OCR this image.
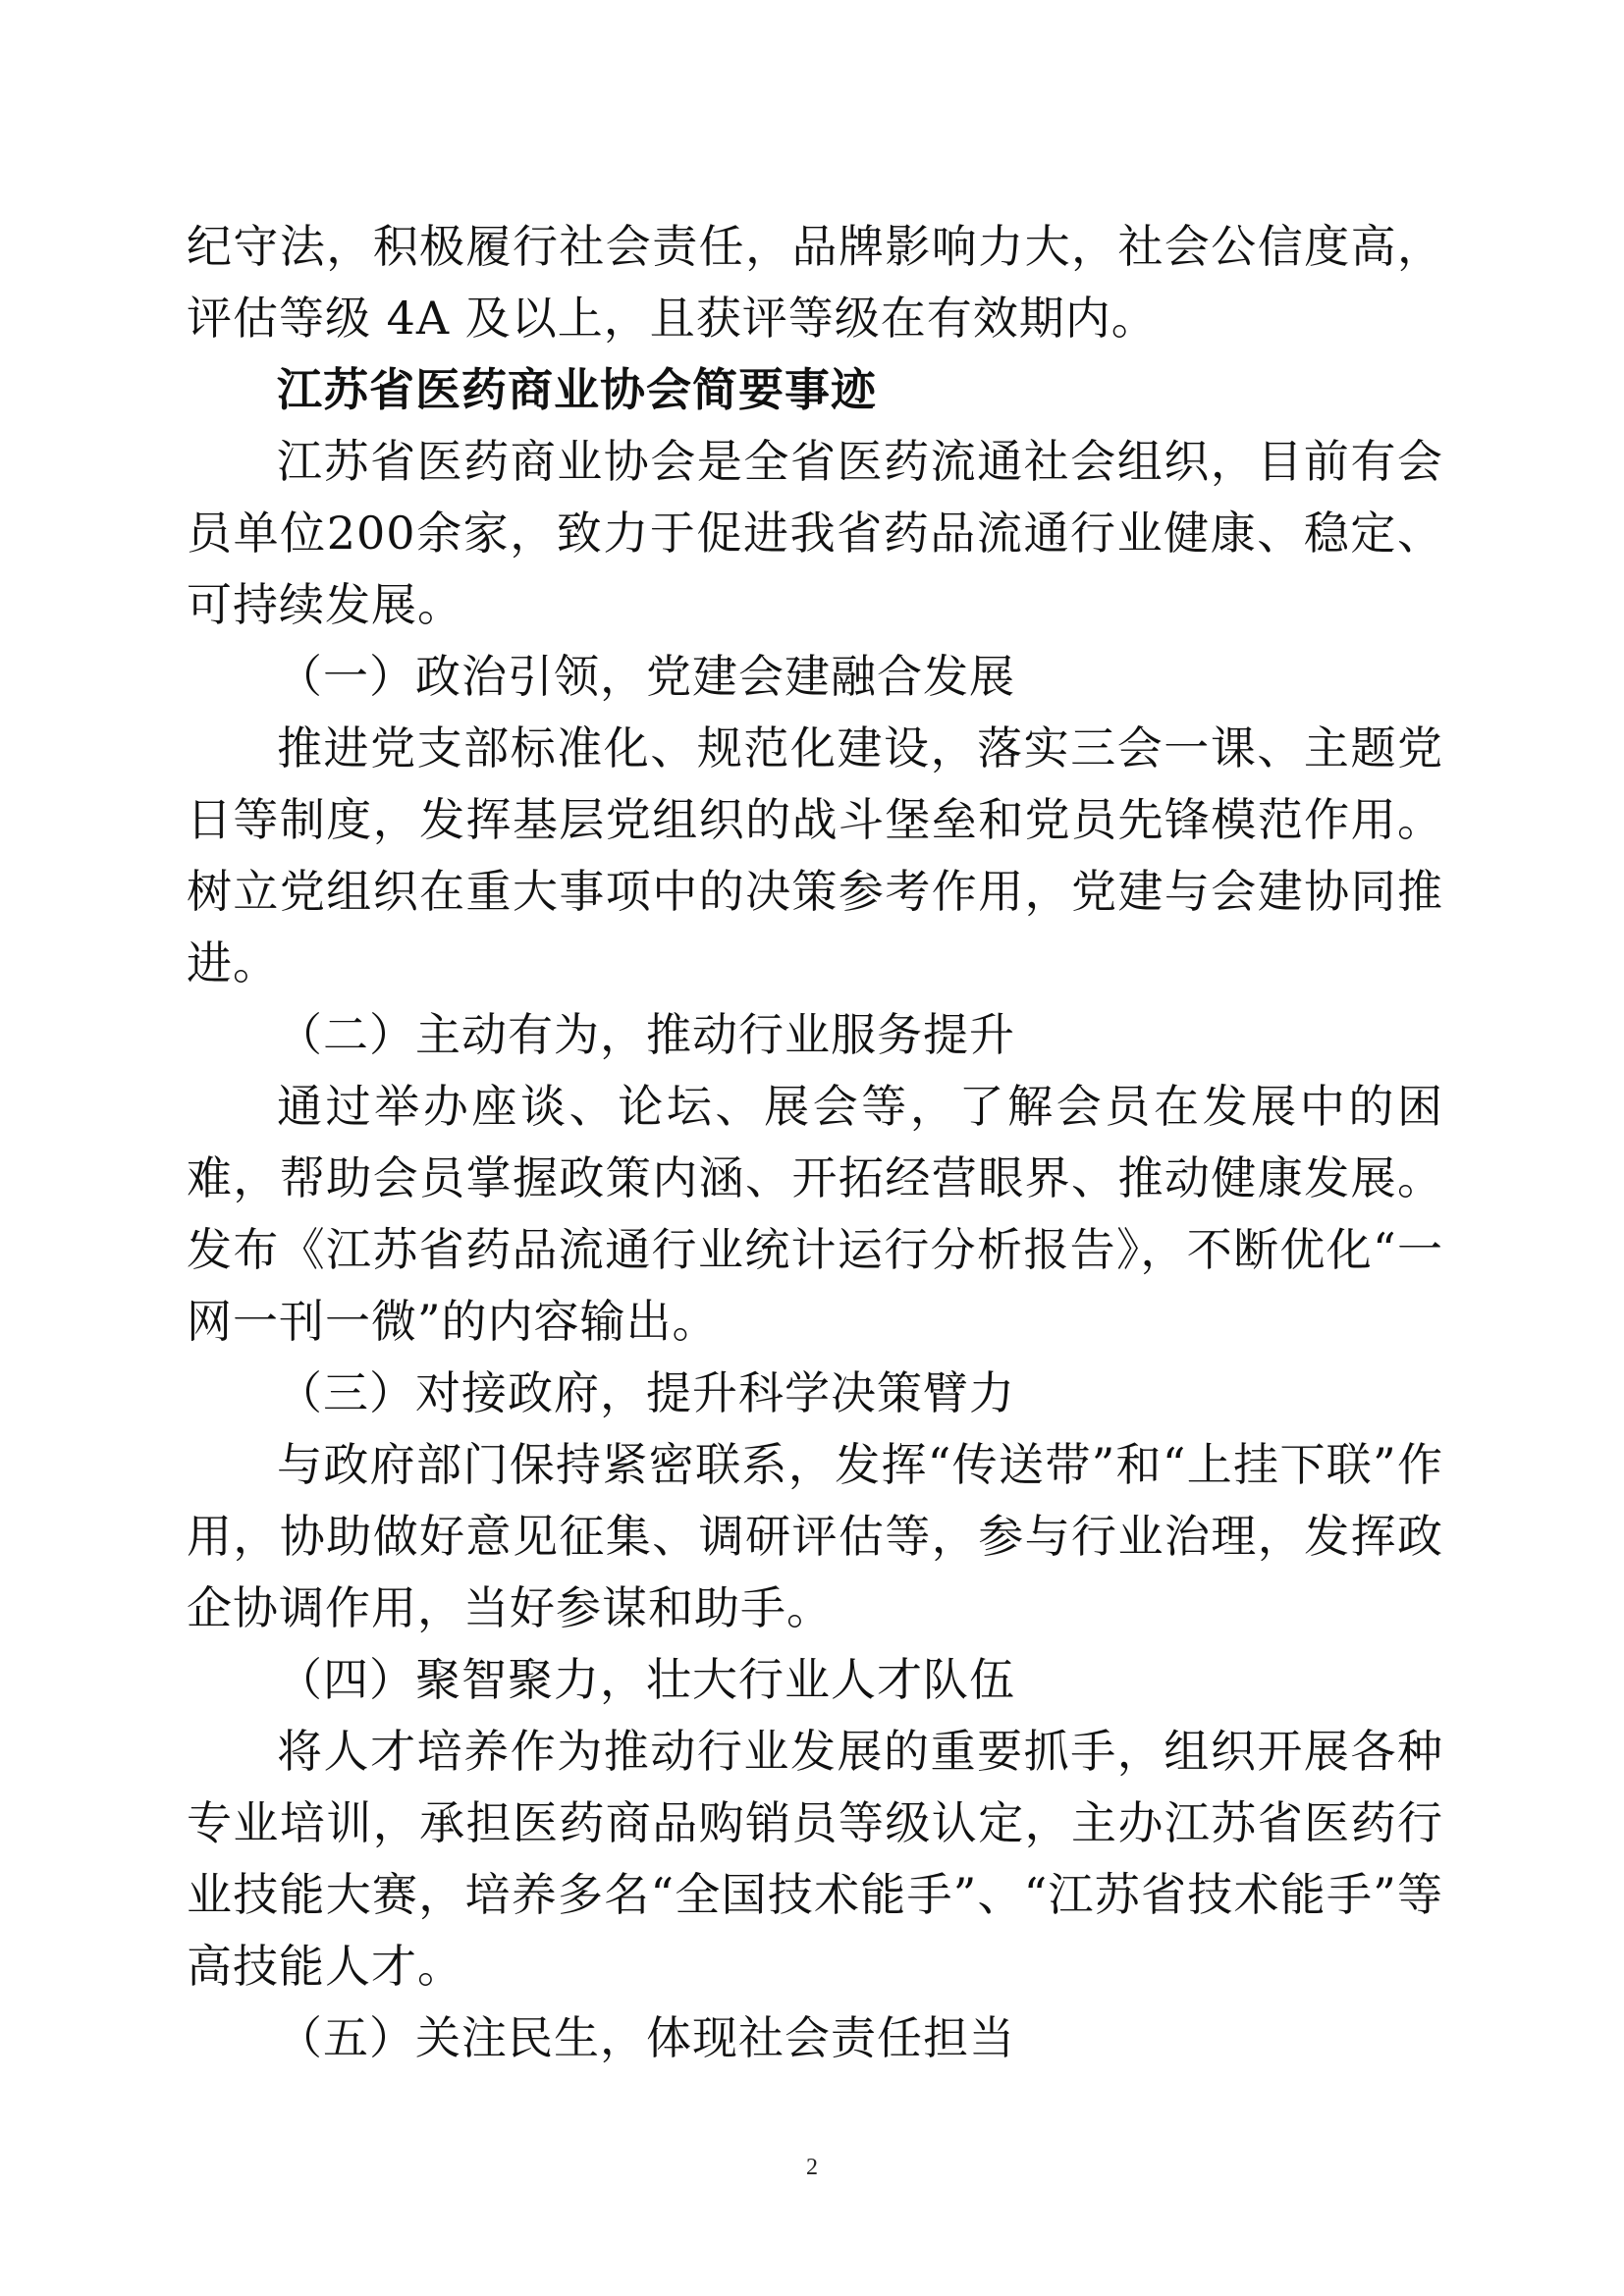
纪守法，积极履行社会责任，品牌影响力大，社会公信度高，评估等级 4A 及以上，且获评等级在有效期内。

江苏省医药商业协会简要事迹

江苏省医药商业协会是全省医药流通社会组织，目前有会员单位200余家，致力于促进我省药品流通行业健康、稳定、可持续发展。

（一）政治引领，党建会建融合发展

推进党支部标准化、规范化建设，落实三会一课、主题党日等制度，发挥基层党组织的战斗堡垒和党员先锋模范作用。树立党组织在重大事项中的决策参考作用，党建与会建协同推进。

（二）主动有为，推动行业服务提升

通过举办座谈、论坛、展会等，了解会员在发展中的困难，帮助会员掌握政策内涵、开拓经营眼界、推动健康发展。发布《江苏省药品流通行业统计运行分析报告》，不断优化“一网一刊一微”的内容输出。

（三）对接政府，提升科学决策臂力

与政府部门保持紧密联系，发挥“传送带”和“上挂下联”作用，协助做好意见征集、调研评估等，参与行业治理，发挥政企协调作用，当好参谋和助手。

（四）聚智聚力，壮大行业人才队伍

将人才培养作为推动行业发展的重要抓手，组织开展各种专业培训，承担医药商品购销员等级认定，主办江苏省医药行业技能大赛，培养多名“全国技术能手”、“江苏省技术能手”等高技能人才。

（五）关注民生，体现社会责任担当

2
